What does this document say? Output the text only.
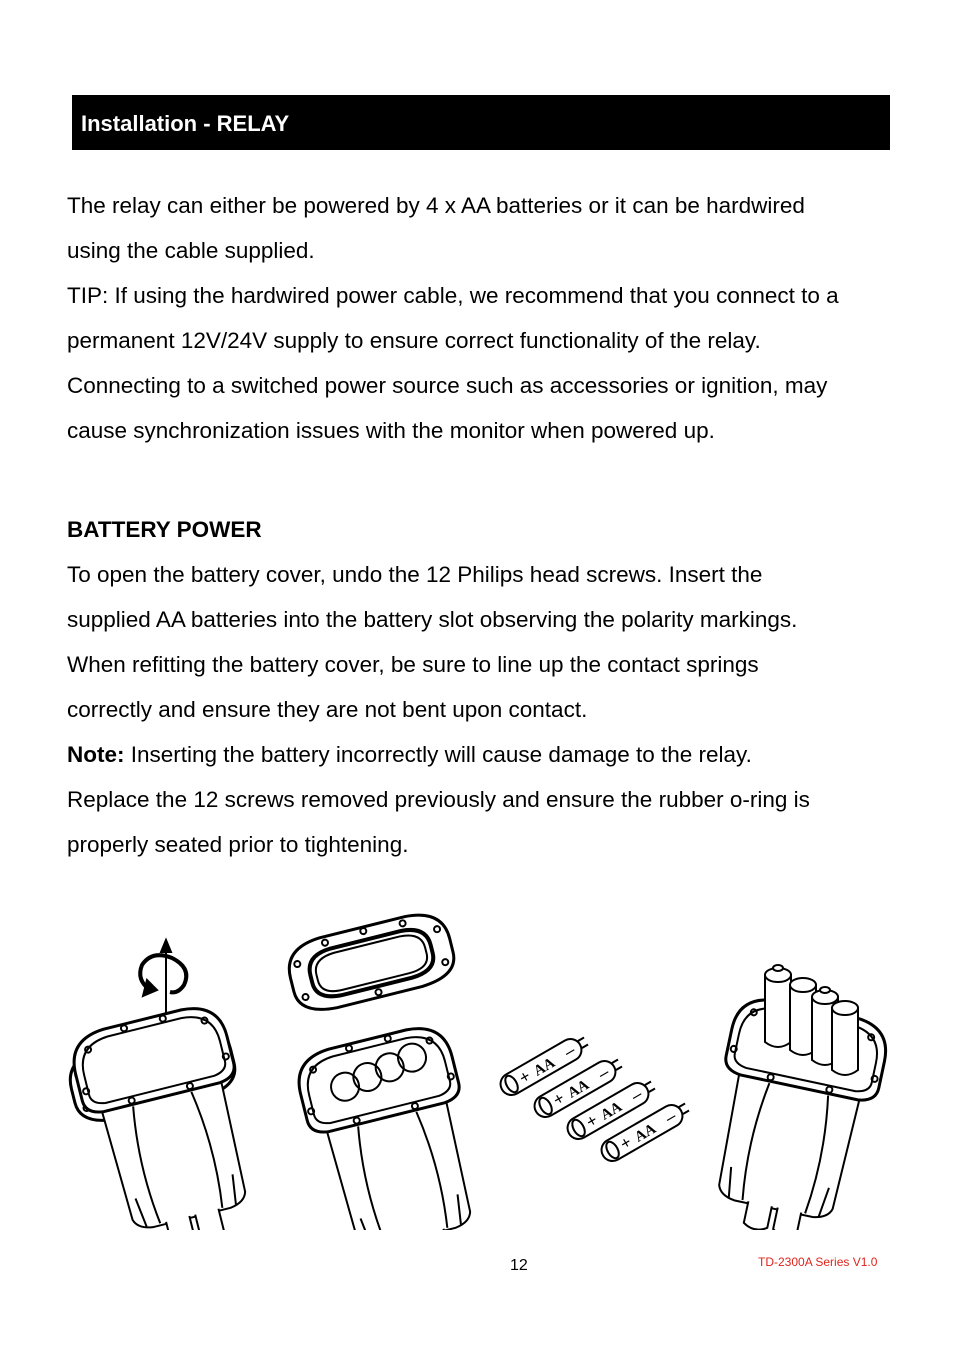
Installation - RELAY

The relay can either be powered by 4 x AA batteries or it can be hardwired

using the cable supplied.

TIP: If using the hardwired power cable, we recommend that you connect to a

permanent 12V/24V supply to ensure correct functionality of the relay.

Connecting to a switched power source such as accessories or ignition, may

cause synchronization issues with the monitor when powered up.

BATTERY POWER

To open the battery cover, undo the 12 Philips head screws. Insert the

supplied AA batteries into the battery slot observing the polarity markings.

When refitting the battery cover, be sure to line up the contact springs

correctly and ensure they are not bent upon contact.

Note: Inserting the battery incorrectly will cause damage to the relay.

Replace the 12 screws removed previously and ensure the rubber o-ring is

properly seated prior to tightening.

+
AA
–
+
AA
–
+
AA
–
+
AA
–
12	TD-2300A Series V1.0
